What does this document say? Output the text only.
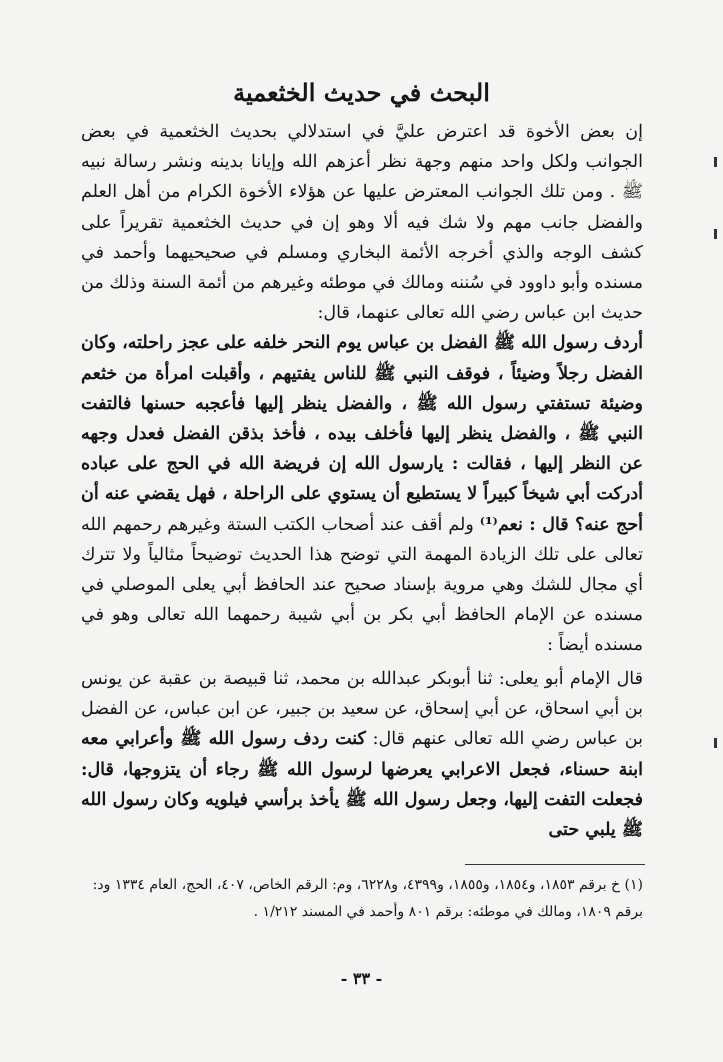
البحث في حديث الخثعمية

إن بعض الأخوة قد اعترض عليَّ في استدلالي بحديث الخثعمية في بعض الجوانب ولكل واحد منهم وجهة نظر أعزهم الله وإيانا بدينه ونشر رسالة نبيه ﷺ . ومن تلك الجوانب المعترض عليها عن هؤلاء الأخوة الكرام من أهل العلم والفضل جانب مهم ولا شك فيه ألا وهو إن في حديث الخثعمية تقريراً على كشف الوجه والذي أخرجه الأئمة البخاري ومسلم في صحيحيهما وأحمد في مسنده وأبو داوود في سُننه ومالك في موطئه وغيرهم من أئمة السنة وذلك من حديث ابن عباس رضي الله تعالى عنهما، قال:
أردف رسول الله ﷺ الفضل بن عباس يوم النحر خلفه على عجز راحلته، وكان الفضل رجلاً وضيئاً ، فوقف النبي ﷺ للناس يفتيهم ، وأقبلت امرأة من خثعم وضيئة تستفتي رسول الله ﷺ ، والفضل ينظر إليها فأعجبه حسنها فالتفت النبي ﷺ ، والفضل ينظر إليها فأخلف بيده ، فأخذ بذقن الفضل فعدل وجهه عن النظر إليها ، فقالت : يارسول الله إن فريضة الله في الحج على عباده أدركت أبي شيخاً كبيراً لا يستطيع أن يستوي على الراحلة ، فهل يقضي عنه أن أحج عنه؟ قال : نعم⁽¹⁾ ولم أقف عند أصحاب الكتب الستة وغيرهم رحمهم الله تعالى على تلك الزيادة المهمة التي توضح هذا الحديث توضيحاً مثالياً ولا تترك أي مجال للشك وهي مروية بإسناد صحيح عند الحافظ أبي يعلى الموصلي في مسنده عن الإمام الحافظ أبي بكر بن أبي شيبة رحمهما الله تعالى وهو في مسنده أيضاً :

قال الإمام أبو يعلى: ثنا أبوبكر عبدالله بن محمد، ثنا قبيصة بن عقبة عن يونس بن أبي اسحاق، عن أبي إسحاق، عن سعيد بن جبير، عن ابن عباس، عن الفضل بن عباس رضي الله تعالى عنهم قال: كنت ردف رسول الله ﷺ وأعرابي معه ابنة حسناء، فجعل الاعرابي يعرضها لرسول الله ﷺ رجاء أن يتزوجها، قال: فجعلت التفت إليها، وجعل رسول الله ﷺ يأخذ برأسي فيلويه وكان رسول الله ﷺ يلبي حتى

(١) خ برقم ١٨٥٣، و١٨٥٤، و١٨٥٥، و٤٣٩٩، و٦٢٢٨، وم: الرقم الخاص، ٤٠٧، الحج، العام ١٣٣٤ ود: برقم ١٨٠٩، ومالك في موطئه: برقم ٨٠١ وأحمد في المسند ١/٢١٢ .

- ٣٣ -
